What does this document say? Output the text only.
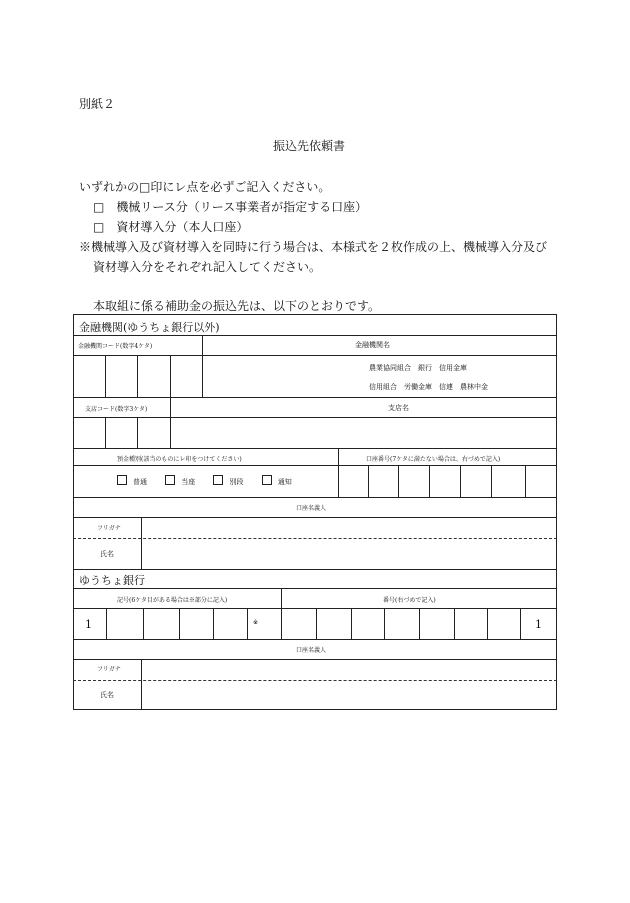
別紙２
振込先依頼書
いずれかの□印にレ点を必ずご記入ください。
□　機械リース分（リース事業者が指定する口座）
□　資材導入分（本人口座）
※機械導入及び資材導入を同時に行う場合は、本様式を２枚作成の上、機械導入分及び
資材導入分をそれぞれ記入してください。
本取組に係る補助金の振込先は、以下のとおりです。
金融機関(ゆうちょ銀行以外)
金融機関コード(数字4ケタ)	金融機関名
農業協同組合　銀行　信用金庫
信用組合　労働金庫　信連　農林中金
支店コード(数字3ケタ)	支店名
預金種別(該当のものにレ印をつけてください)	口座番号(7ケタに満たない場合は、右づめで記入)
普通	当座	別段	通知
口座名義人
フリガナ
氏名
ゆうちょ銀行
記号(6ケタ目がある場合は※部分に記入)	番号(右づめで記入)
1	※	1
口座名義人
フリガナ
氏名
